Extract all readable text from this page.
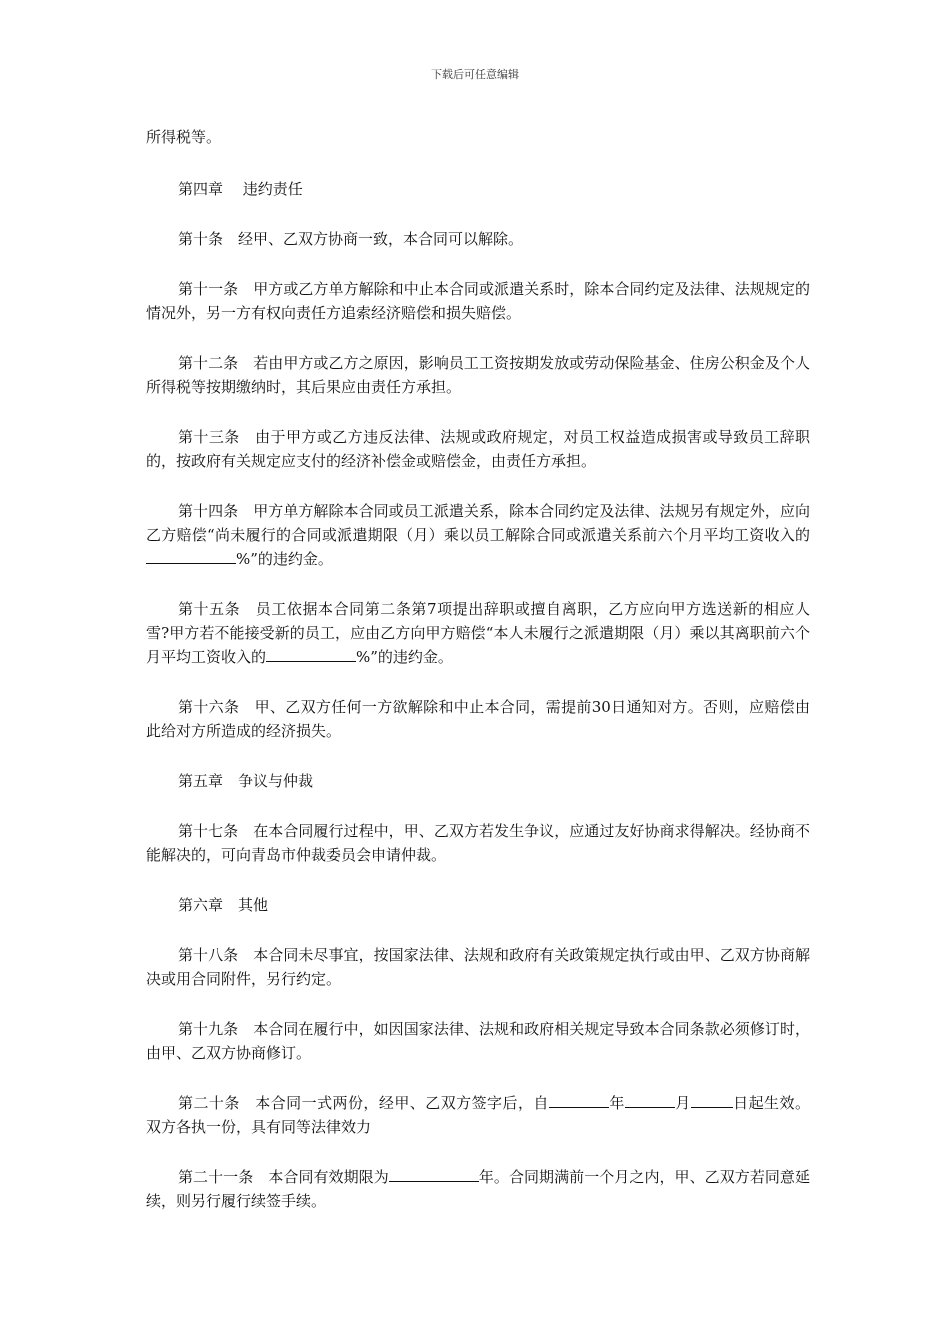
下载后可任意编辑

所得税等。

第四章　 违约责任

第十条　经甲、乙双方协商一致，本合同可以解除。

第十一条　甲方或乙方单方解除和中止本合同或派遣关系时，除本合同约定及法律、法规规定的情况外，另一方有权向责任方追索经济赔偿和损失赔偿。

第十二条　若由甲方或乙方之原因，影响员工工资按期发放或劳动保险基金、住房公积金及个人所得税等按期缴纳时，其后果应由责任方承担。

第十三条　由于甲方或乙方违反法律、法规或政府规定，对员工权益造成损害或导致员工辞职的，按政府有关规定应支付的经济补偿金或赔偿金，由责任方承担。

第十四条　甲方单方解除本合同或员工派遣关系，除本合同约定及法律、法规另有规定外，应向乙方赔偿“尚未履行的合同或派遣期限（月）乘以员工解除合同或派遣关系前六个月平均工资收入的%”的违约金。

第十五条　员工依据本合同第二条第7项提出辞职或擅自离职，乙方应向甲方选送新的相应人雪?甲方若不能接受新的员工，应由乙方向甲方赔偿“本人未履行之派遣期限（月）乘以其离职前六个月平均工资收入的	%”的违约金。

第十六条　甲、乙双方任何一方欲解除和中止本合同，需提前30日通知对方。否则，应赔偿由此给对方所造成的经济损失。

第五章　争议与仲裁

第十七条　在本合同履行过程中，甲、乙双方若发生争议，应通过友好协商求得解决。经协商不能解决的，可向青岛市仲裁委员会申请仲裁。

第六章　其他

第十八条　本合同未尽事宜，按国家法律、法规和政府有关政策规定执行或由甲、乙双方协商解决或用合同附件，另行约定。

第十九条　本合同在履行中，如因国家法律、法规和政府相关规定导致本合同条款必须修订时，由甲、乙双方协商修订。

第二十条　本合同一式两份，经甲、乙双方签字后，自	年	月	日起生效。双方各执一份，具有同等法律效力

第二十一条　本合同有效期限为	年。合同期满前一个月之内，甲、乙双方若同意延续，则另行履行续签手续。
